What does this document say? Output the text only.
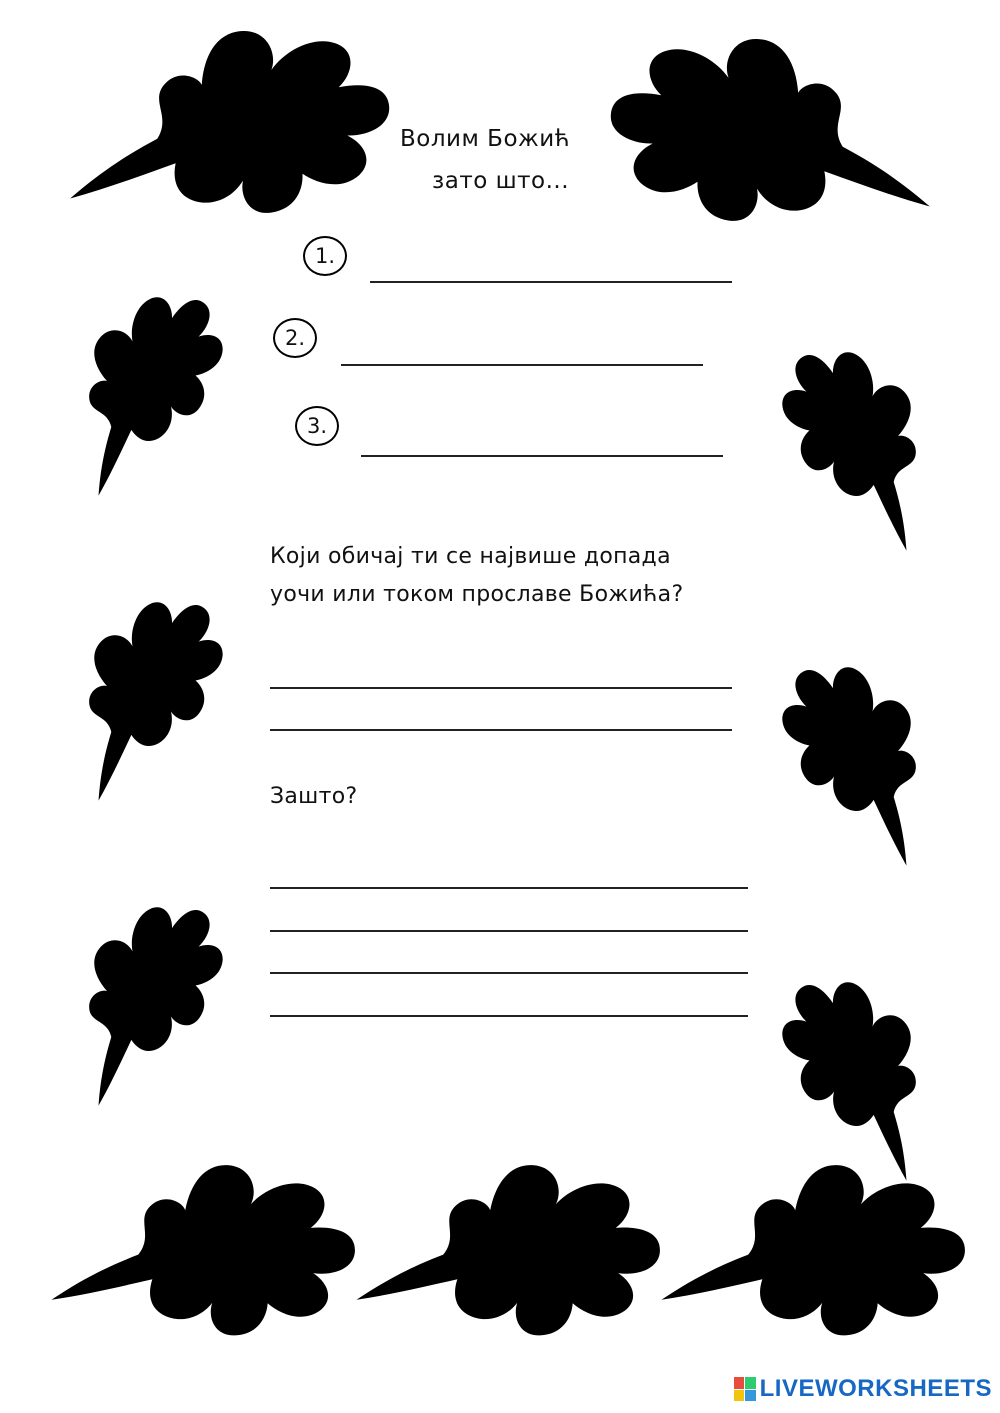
Волим Божић
зато што...
1.
2.
3.
Који обичај ти се највише допада
уочи или током прославе Божића?
Зашто?
LIVEWORKSHEETS
